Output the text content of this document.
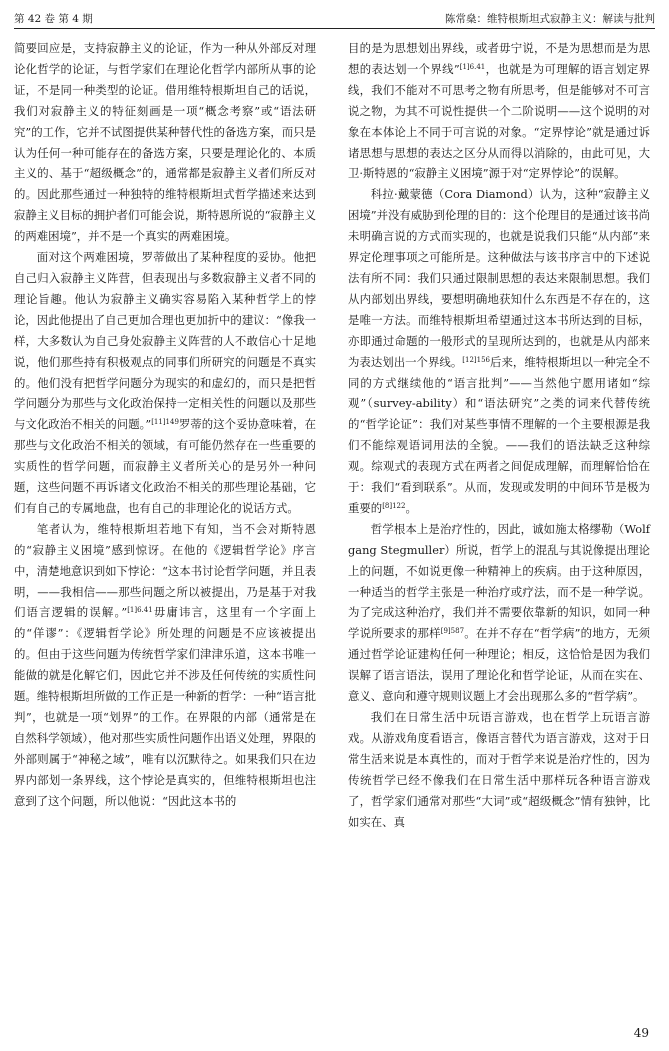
第 42 卷 第 4 期	陈常燊：维特根斯坦式寂静主义：解读与批判

简要回应是，支持寂静主义的论证，作为一种从外部反对理论化哲学的论证，与哲学家们在理论化哲学内部所从事的论证，不是同一种类型的论证。借用维特根斯坦自己的话说，我们对寂静主义的特征刻画是一项“概念考察”或“语法研究”的工作，它并不试图提供某种替代性的备选方案，而只是认为任何一种可能存在的备选方案，只要是理论化的、本质主义的、基于“超级概念”的，通常都是寂静主义者们所反对的。因此那些通过一种独特的维特根斯坦式哲学描述来达到寂静主义目标的拥护者们可能会说，斯特恩所说的“寂静主义的两难困境”，并不是一个真实的两难困境。

面对这个两难困境，罗蒂做出了某种程度的妥协。他把自己归入寂静主义阵营，但表现出与多数寂静主义者不同的理论旨趣。他认为寂静主义确实容易陷入某种哲学上的悖论，因此他提出了自己更加合理也更加折中的建议：“像我一样，大多数认为自己身处寂静主义阵营的人不敢信心十足地说，他们那些持有积极观点的同事们所研究的问题是不真实的。他们没有把哲学问题分为现实的和虚幻的，而只是把哲学问题分为那些与文化政治保持一定相关性的问题以及那些与文化政治不相关的问题。”$^{[11]149}$罗蒂的这个妥协意味着，在那些与文化政治不相关的领域，有可能仍然存在一些重要的实质性的哲学问题，而寂静主义者所关心的是另外一种问题，这些问题不再诉诸文化政治不相关的那些理论基础，它们有自己的专属地盘，也有自己的非理论化的说话方式。

笔者认为，维特根斯坦若地下有知，当不会对斯特恩的“寂静主义困境”感到惊讶。在他的《逻辑哲学论》序言中，清楚地意识到如下悖论：“这本书讨论哲学问题，并且表明，——我相信——那些问题之所以被提出，乃是基于对我们语言逻辑的误解。”$^{[1]6.41}$毋庸讳言，这里有一个字面上的“佯谬”：《逻辑哲学论》所处理的问题是不应该被提出的。但由于这些问题为传统哲学家们津津乐道，这本书唯一能做的就是化解它们，因此它并不涉及任何传统的实质性问题。维特根斯坦所做的工作正是一种新的哲学：一种“语言批判”，也就是一项“划界”的工作。在界限的内部（通常是在自然科学领域），他对那些实质性问题作出语义处理，界限的外部则属于“神秘之域”，唯有以沉默待之。如果我们只在边界内部划一条界线，这个悖论是真实的，但维特根斯坦也注意到了这个问题，所以他说：“因此这本书的

目的是为思想划出界线，或者毋宁说，不是为思想而是为思想的表达划一个界线”$^{[1]6.41}$，也就是为可理解的语言划定界线，我们不能对不可思考之物有所思考，但是能够对不可言说之物，为其不可说性提供一个二阶说明——这个说明的对象在本体论上不同于可言说的对象。“定界悖论”就是通过诉诸思想与思想的表达之区分从而得以消除的，由此可见，大卫·斯特恩的“寂静主义困境”源于对“定界悖论”的误解。

科拉·戴蒙德（Cora Diamond）认为，这种“寂静主义困境”并没有威胁到伦理的目的：这个伦理目的是通过该书尚未明确言说的方式而实现的，也就是说我们只能“从内部”来界定伦理事项之可能所是。这种做法与该书序言中的下述说法有所不同：我们只通过限制思想的表达来限制思想。我们从内部划出界线，要想明确地获知什么东西是不存在的，这是唯一方法。而维特根斯坦希望通过这本书所达到的目标，亦即通过命题的一般形式的呈现所达到的，也就是从内部来为表达划出一个界线。$^{[12]156}$后来，维特根斯坦以一种完全不同的方式继续他的“语言批判”——当然他宁愿用诸如“综观”（survey-ability）和“语法研究”之类的词来代替传统的“哲学论证”：我们对某些事情不理解的一个主要根源是我们不能综观语词用法的全貌。——我们的语法缺乏这种综观。综观式的表现方式在两者之间促成理解，而理解恰恰在于：我们“看到联系”。从而，发现或发明的中间环节是极为重要的$^{[8]122}$。

哲学根本上是治疗性的，因此，诚如施太格缪勒（Wolfgang Stegmuller）所说，哲学上的混乱与其说像提出理论上的问题，不如说更像一种精神上的疾病。由于这种原因，一种适当的哲学主张是一种治疗或疗法，而不是一种学说。为了完成这种治疗，我们并不需要依靠新的知识，如同一种学说所要求的那样$^{[9]587}$。在并不存在“哲学病”的地方，无须通过哲学论证建构任何一种理论；相反，这恰恰是因为我们误解了语言语法，误用了理论化和哲学论证，从而在实在、意义、意向和遵守规则议题上才会出现那么多的“哲学病”。

我们在日常生活中玩语言游戏，也在哲学上玩语言游戏。从游戏角度看语言，像语言替代为语言游戏，这对于日常生活来说是本真性的，而对于哲学来说是治疗性的，因为传统哲学已经不像我们在日常生活中那样玩各种语言游戏了，哲学家们通常对那些“大词”或“超级概念”情有独钟，比如实在、真

49
